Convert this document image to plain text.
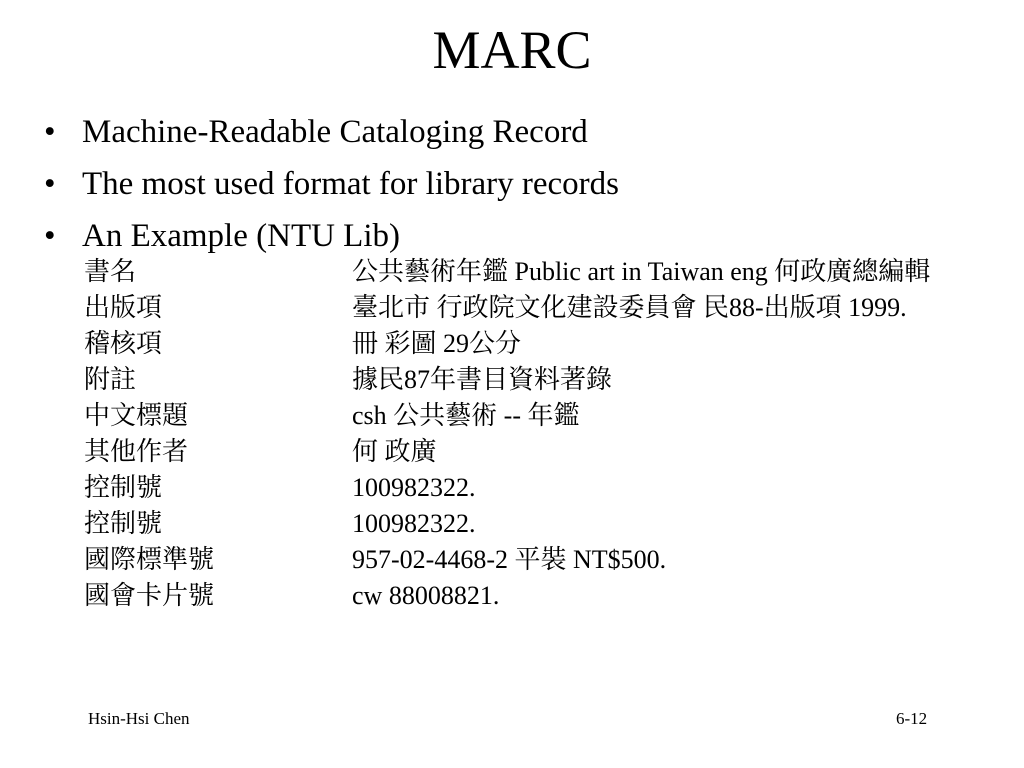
MARC
• Machine-Readable Cataloging Record
• The most used format for library records
• An Example (NTU Lib)
書名	公共藝術年鑑 Public art in Taiwan eng 何政廣總編輯
出版項	臺北市 行政院文化建設委員會 民88-出版項 1999.
稽核項	冊 彩圖 29公分
附註	據民87年書目資料著錄
中文標題	csh 公共藝術 -- 年鑑
其他作者	何 政廣
控制號	100982322.
控制號	100982322.
國際標準號	957-02-4468-2 平裝 NT$500.
國會卡片號	cw 88008821.
Hsin-Hsi Chen	6-12
